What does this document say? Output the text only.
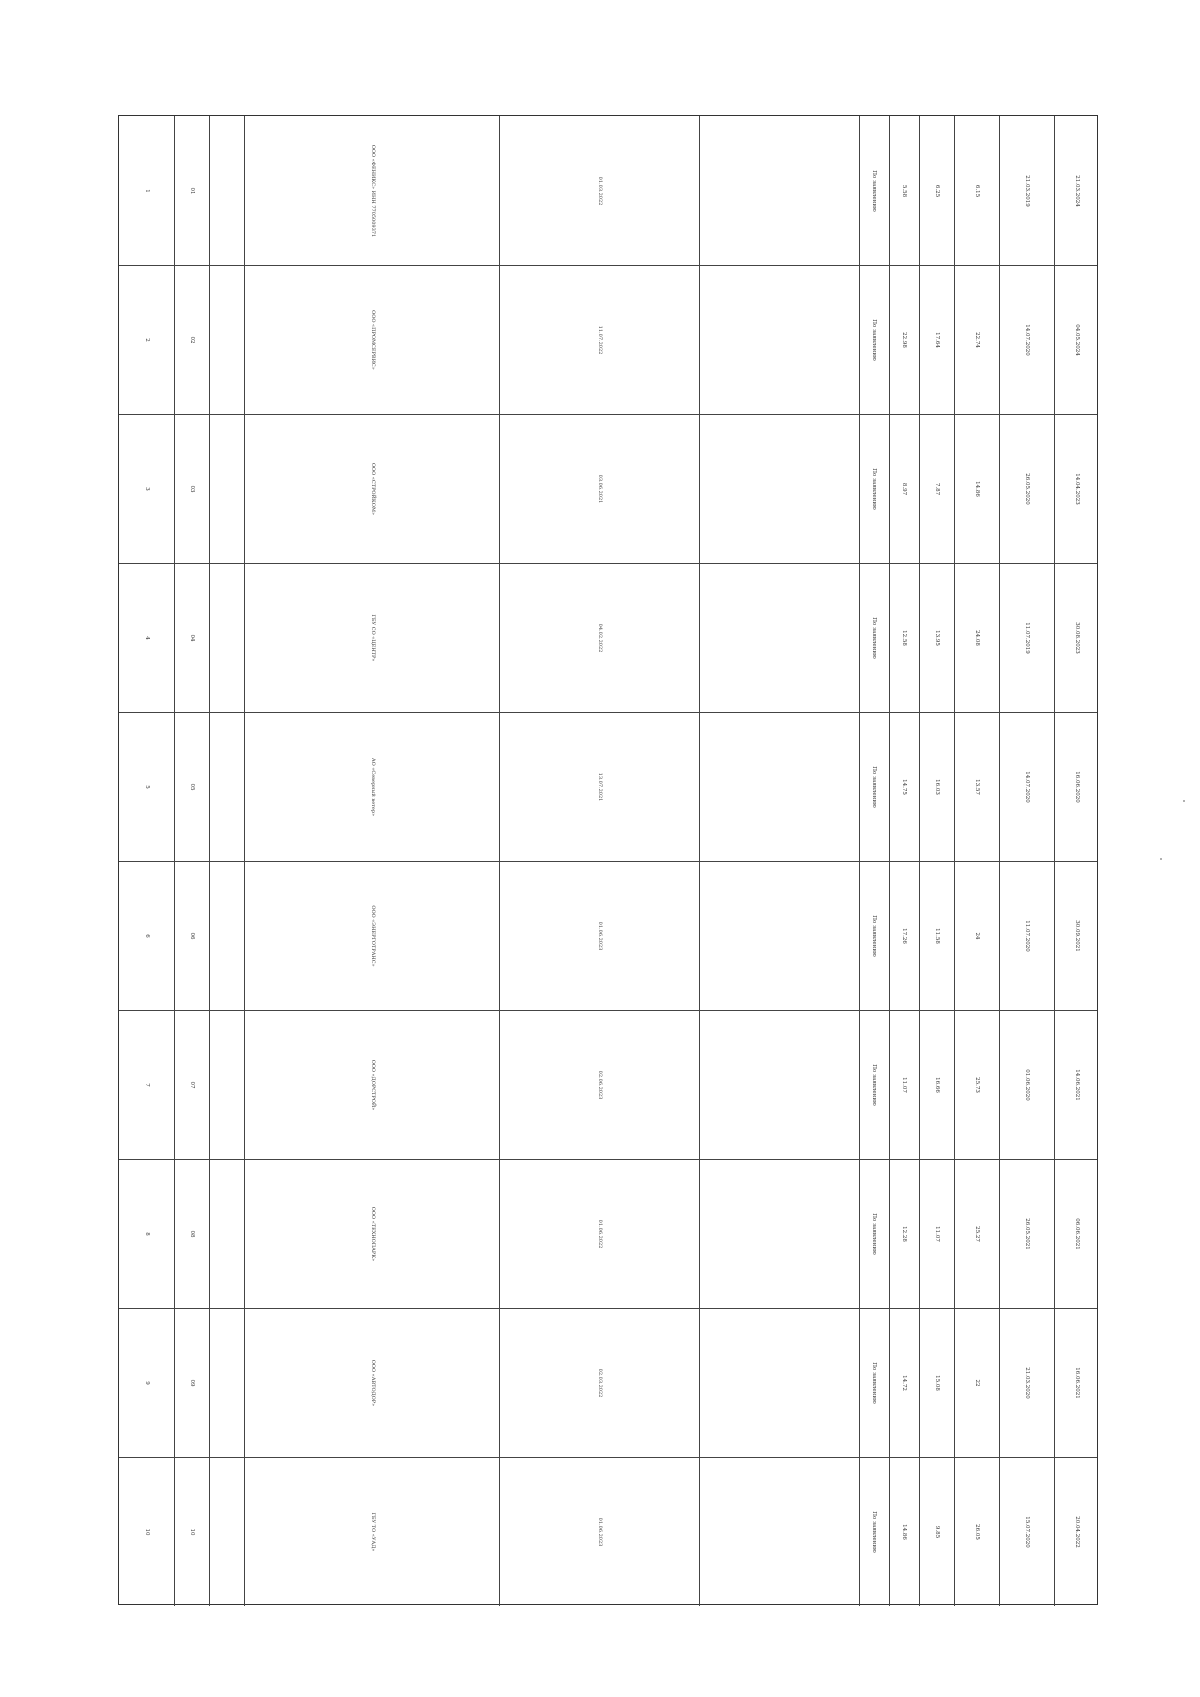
1	01	ООО «ФЕНИКС» ИНН 7705009371	01.03.2022	По заявлению	5.58	6.25	6.15	21.03.2019	21.03.2024
2	02	ООО «ПРОМСЕРВИС»	11.07.2022	По заявлению	22.98	17.64	22.74	14.07.2020	04.05.2024
3	03	ООО «СТРОЙКОМ»	03.06.2021	По заявлению	8.97	7.87	14.86	26.05.2020	14.04.2023
4	04	ГБУ СО «ЦЕНТР»	04.02.2022	По заявлению	12.58	13.95	24.08	11.07.2019	30.08.2023
5	05	АО «Северный ветер»	13.07.2021	По заявлению	14.75	16.03	13.57	14.07.2020	16.06.2020
6	06	ООО «ЭНЕРГОТРАНС»	01.06.2023	По заявлению	17.26	11.58	24	11.07.2020	30.09.2021
7	07	ООО «ДОРСТРОЙ»	02.06.2023	По заявлению	11.07	16.66	25.73	01.06.2020	14.06.2021
8	08	ООО «ТЕХНОПАРК»	01.06.2022	По заявлению	12.28	11.07	25.27	26.05.2021	06.06.2021
9	09	ООО «АВТОДОР»	02.03.2022	По заявлению	14.72	15.08	22	21.03.2020	16.06.2021
10	10	ГБУ ТО «УАД»	01.06.2023	По заявлению	14.86	9.85	26.05	15.07.2020	20.04.2022
